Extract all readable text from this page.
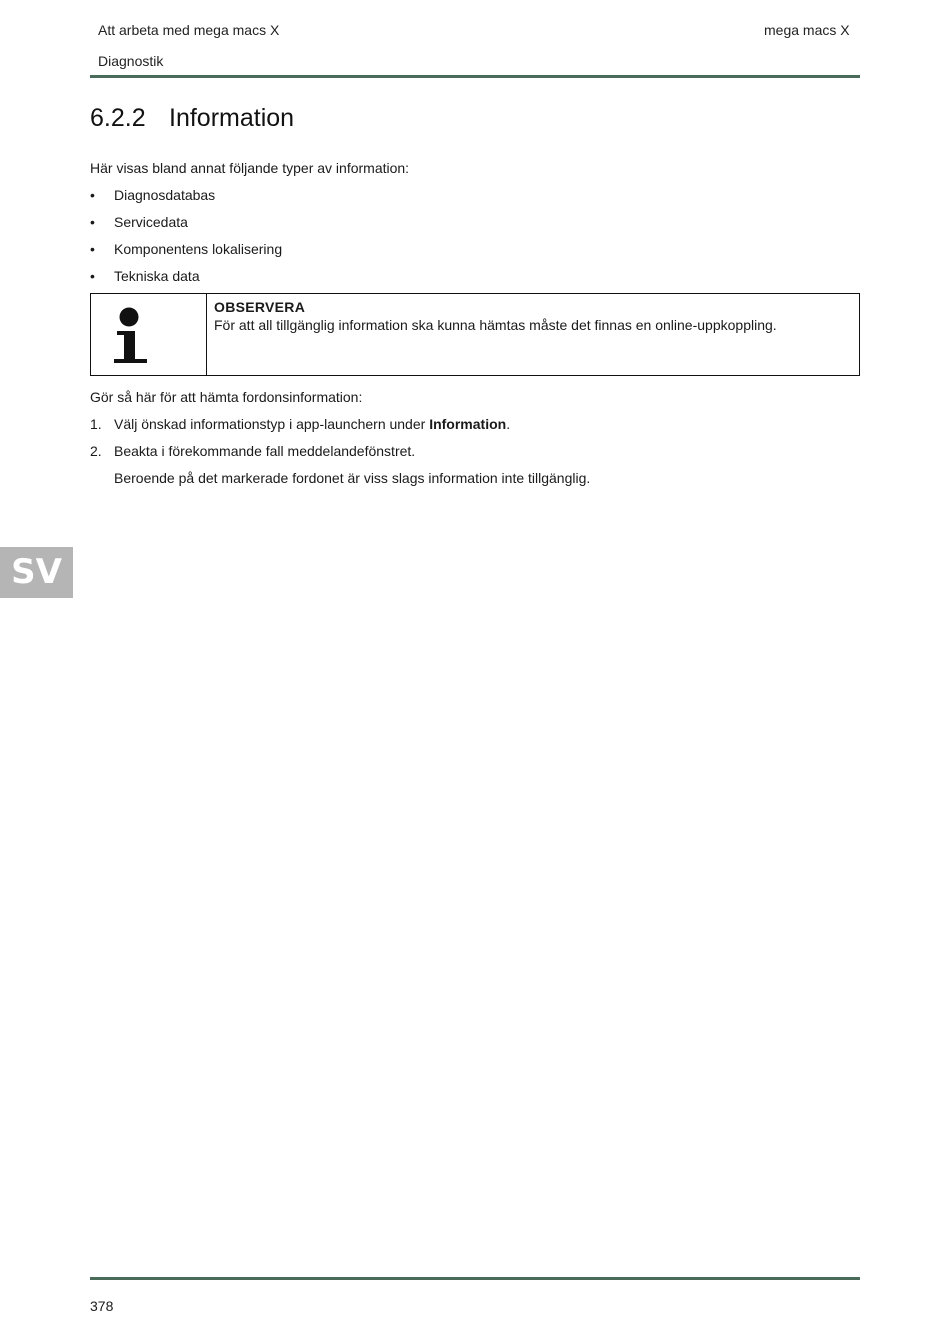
Att arbeta med mega macs X	mega macs X
Diagnostik
6.2.2 Information
Här visas bland annat följande typer av information:
• Diagnosdatabas
• Servicedata
• Komponentens lokalisering
• Tekniska data
OBSERVERA
För att all tillgänglig information ska kunna hämtas måste det finnas en online-uppkoppling.
Gör så här för att hämta fordonsinformation:
1. Välj önskad informationstyp i app-launchern under Information.
2. Beakta i förekommande fall meddelandefönstret.
Beroende på det markerade fordonet är viss slags information inte tillgänglig.
SV
378
